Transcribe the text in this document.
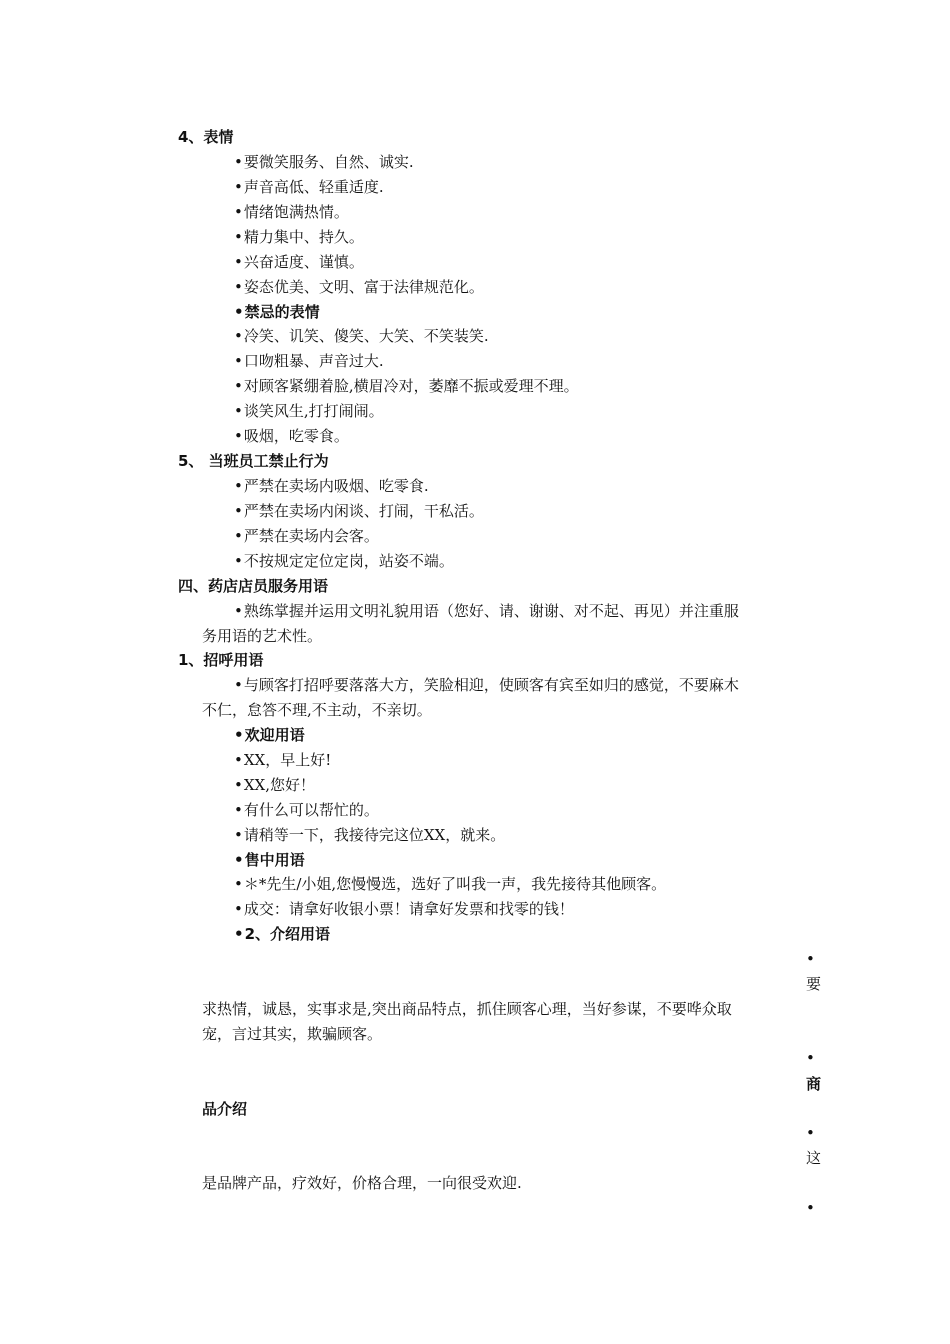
4、表情
• 要微笑服务、自然、诚实.
• 声音高低、轻重适度.
• 情绪饱满热情。
• 精力集中、持久。
• 兴奋适度、谨慎。
• 姿态优美、文明、富于法律规范化。
• 禁忌的表情
• 冷笑、讥笑、傻笑、大笑、不笑装笑.
• 口吻粗暴、声音过大.
• 对顾客紧绷着脸,横眉冷对，萎靡不振或爱理不理。
• 谈笑风生,打打闹闹。
• 吸烟，吃零食。
5、 当班员工禁止行为
• 严禁在卖场内吸烟、吃零食.
• 严禁在卖场内闲谈、打闹，干私活。
• 严禁在卖场内会客。
• 不按规定定位定岗，站姿不端。
四、药店店员服务用语
• 熟练掌握并运用文明礼貌用语（您好、请、谢谢、对不起、再见）并注重服
务用语的艺术性。
1、招呼用语
• 与顾客打招呼要落落大方，笑脸相迎，使顾客有宾至如归的感觉，不要麻木
不仁，怠答不理,不主动，不亲切。
• 欢迎用语
• XX，早上好!
• XX,您好！
• 有什么可以帮忙的。
• 请稍等一下，我接待完这位XX，就来。
• 售中用语
• ＊*先生/小姐,您慢慢选，选好了叫我一声，我先接待其他顾客。
• 成交：请拿好收银小票！请拿好发票和找零的钱！
• 2、介绍用语
•
要
求热情，诚恳，实事求是,突出商品特点，抓住顾客心理，当好参谋，不要哗众取
宠，言过其实，欺骗顾客。
•
商
品介绍
•
这
是品牌产品，疗效好，价格合理，一向很受欢迎.
•
